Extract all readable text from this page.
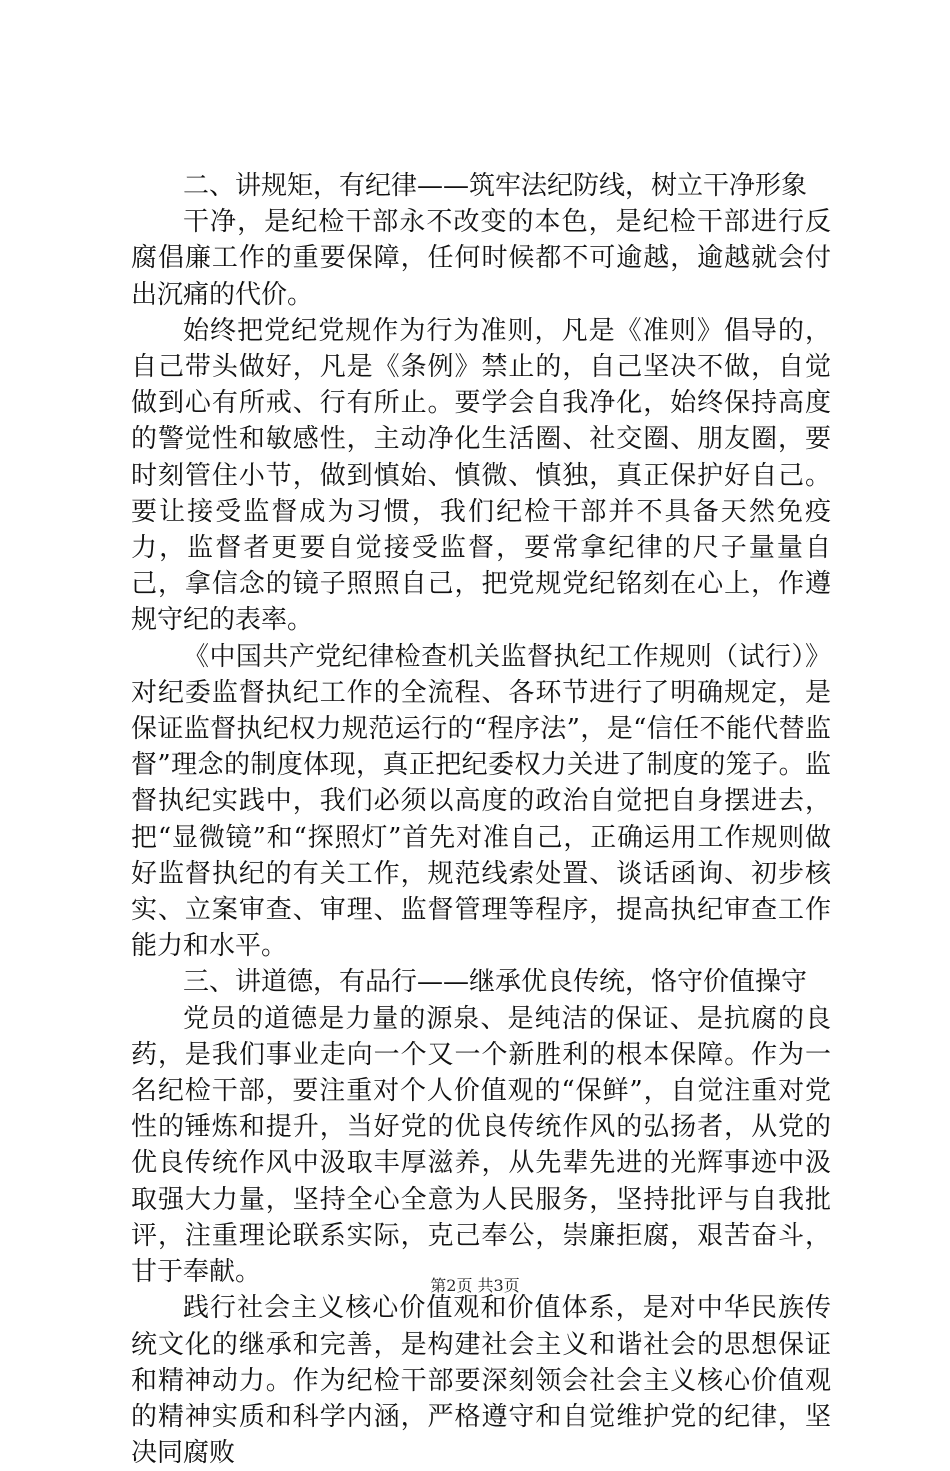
二、讲规矩，有纪律——筑牢法纪防线，树立干净形象

干净，是纪检干部永不改变的本色，是纪检干部进行反腐倡廉工作的重要保障，任何时候都不可逾越，逾越就会付出沉痛的代价。

始终把党纪党规作为行为准则，凡是《准则》倡导的，自己带头做好，凡是《条例》禁止的，自己坚决不做，自觉做到心有所戒、行有所止。要学会自我净化，始终保持高度的警觉性和敏感性，主动净化生活圈、社交圈、朋友圈，要时刻管住小节，做到慎始、慎微、慎独，真正保护好自己。要让接受监督成为习惯，我们纪检干部并不具备天然免疫力，监督者更要自觉接受监督，要常拿纪律的尺子量量自己，拿信念的镜子照照自己，把党规党纪铭刻在心上，作遵规守纪的表率。

《中国共产党纪律检查机关监督执纪工作规则（试行）》对纪委监督执纪工作的全流程、各环节进行了明确规定，是保证监督执纪权力规范运行的“程序法”，是“信任不能代替监督”理念的制度体现，真正把纪委权力关进了制度的笼子。监督执纪实践中，我们必须以高度的政治自觉把自身摆进去，把“显微镜”和“探照灯”首先对准自己，正确运用工作规则做好监督执纪的有关工作，规范线索处置、谈话函询、初步核实、立案审查、审理、监督管理等程序，提高执纪审查工作能力和水平。

三、讲道德，有品行——继承优良传统，恪守价值操守

党员的道德是力量的源泉、是纯洁的保证、是抗腐的良药，是我们事业走向一个又一个新胜利的根本保障。作为一名纪检干部，要注重对个人价值观的“保鲜”，自觉注重对党性的锤炼和提升，当好党的优良传统作风的弘扬者，从党的优良传统作风中汲取丰厚滋养，从先辈先进的光辉事迹中汲取强大力量，坚持全心全意为人民服务，坚持批评与自我批评，注重理论联系实际，克己奉公，崇廉拒腐，艰苦奋斗，甘于奉献。

践行社会主义核心价值观和价值体系，是对中华民族传统文化的继承和完善，是构建社会主义和谐社会的思想保证和精神动力。作为纪检干部要深刻领会社会主义核心价值观的精神实质和科学内涵，严格遵守和自觉维护党的纪律，坚决同腐败

第2页 共3页
